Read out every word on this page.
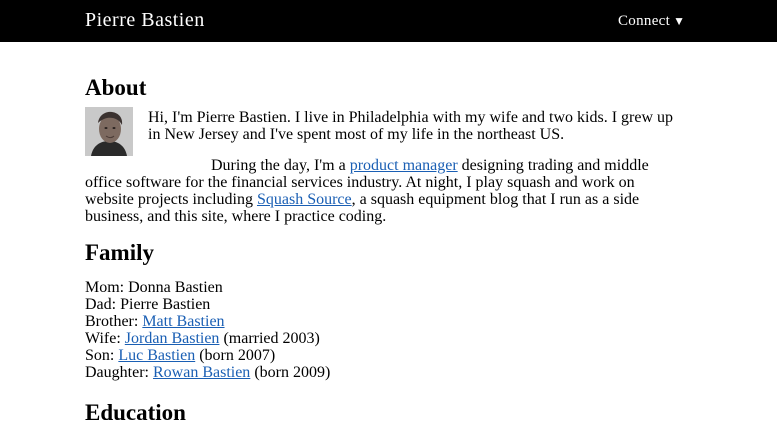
Pierre Bastien	Connect ▼
About

Hi, I'm Pierre Bastien. I live in Philadelphia with my wife and two kids. I grew up in New Jersey and I've spent most of my life in the northeast US.

During the day, I'm a product manager designing trading and middle office software for the financial services industry. At night, I play squash and work on website projects including Squash Source, a squash equipment blog that I run as a side business, and this site, where I practice coding.

Family
Mom: Donna Bastien
Dad: Pierre Bastien
Brother: Matt Bastien
Wife: Jordan Bastien (married 2003)
Son: Luc Bastien (born 2007)
Daughter: Rowan Bastien (born 2009)
Education
